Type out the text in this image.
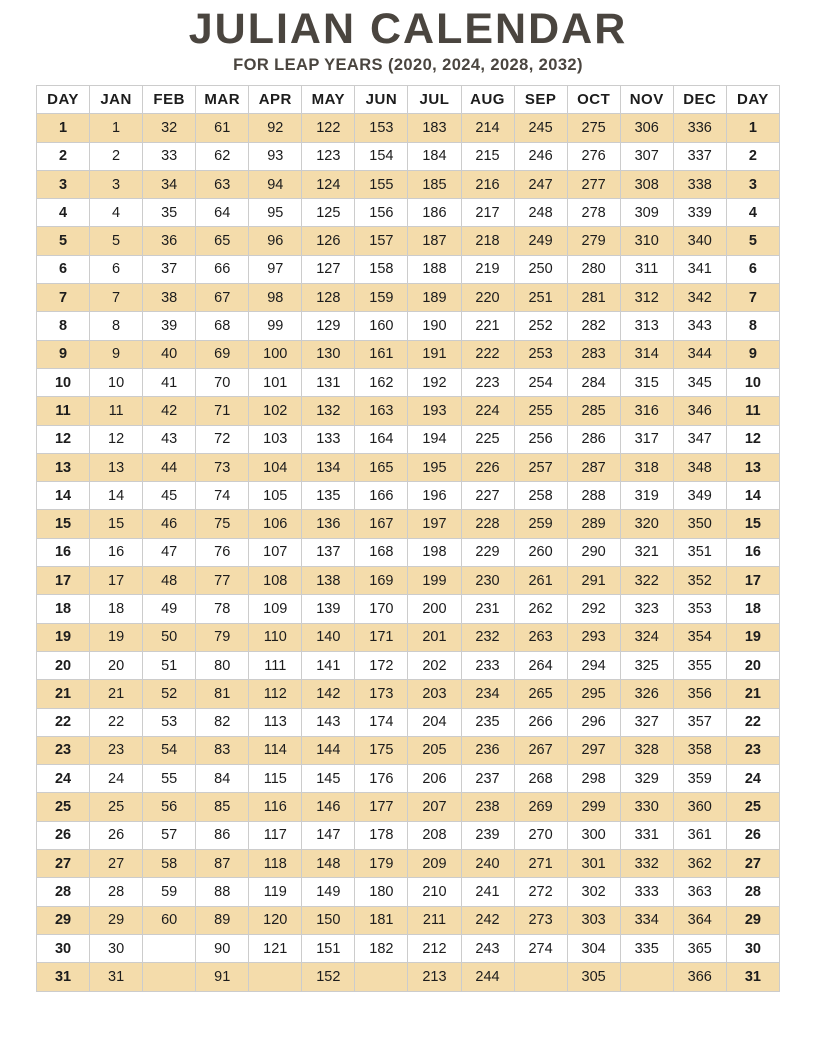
JULIAN CALENDAR

FOR LEAP YEARS (2020, 2024, 2028, 2032)

DAY	JAN	FEB	MAR	APR	MAY	JUN	JUL	AUG	SEP	OCT	NOV	DEC	DAY
1	1	32	61	92	122	153	183	214	245	275	306	336	1
2	2	33	62	93	123	154	184	215	246	276	307	337	2
3	3	34	63	94	124	155	185	216	247	277	308	338	3
4	4	35	64	95	125	156	186	217	248	278	309	339	4
5	5	36	65	96	126	157	187	218	249	279	310	340	5
6	6	37	66	97	127	158	188	219	250	280	311	341	6
7	7	38	67	98	128	159	189	220	251	281	312	342	7
8	8	39	68	99	129	160	190	221	252	282	313	343	8
9	9	40	69	100	130	161	191	222	253	283	314	344	9
10	10	41	70	101	131	162	192	223	254	284	315	345	10
11	11	42	71	102	132	163	193	224	255	285	316	346	11
12	12	43	72	103	133	164	194	225	256	286	317	347	12
13	13	44	73	104	134	165	195	226	257	287	318	348	13
14	14	45	74	105	135	166	196	227	258	288	319	349	14
15	15	46	75	106	136	167	197	228	259	289	320	350	15
16	16	47	76	107	137	168	198	229	260	290	321	351	16
17	17	48	77	108	138	169	199	230	261	291	322	352	17
18	18	49	78	109	139	170	200	231	262	292	323	353	18
19	19	50	79	110	140	171	201	232	263	293	324	354	19
20	20	51	80	111	141	172	202	233	264	294	325	355	20
21	21	52	81	112	142	173	203	234	265	295	326	356	21
22	22	53	82	113	143	174	204	235	266	296	327	357	22
23	23	54	83	114	144	175	205	236	267	297	328	358	23
24	24	55	84	115	145	176	206	237	268	298	329	359	24
25	25	56	85	116	146	177	207	238	269	299	330	360	25
26	26	57	86	117	147	178	208	239	270	300	331	361	26
27	27	58	87	118	148	179	209	240	271	301	332	362	27
28	28	59	88	119	149	180	210	241	272	302	333	363	28
29	29	60	89	120	150	181	211	242	273	303	334	364	29
30	30		90	121	151	182	212	243	274	304	335	365	30
31	31		91		152		213	244		305		366	31
